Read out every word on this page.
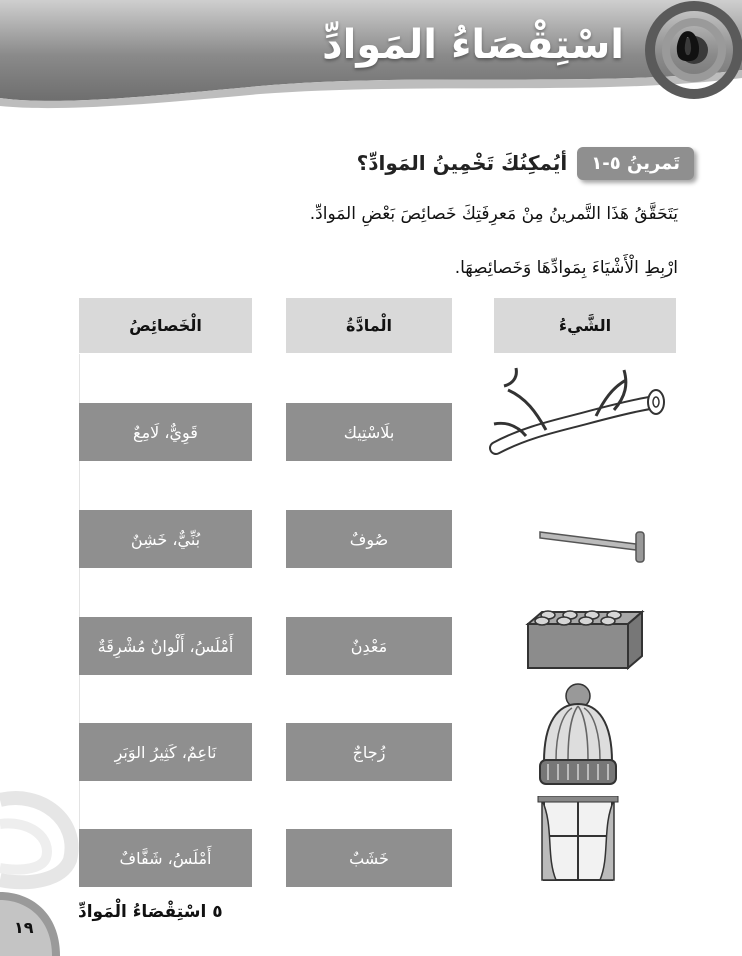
٥
اسْتِقْصَاءُ المَوادِّ
تَمرينُ ٥-١
أيُمكِنُكَ تَخْمِينُ المَوادِّ؟
يَتَحَقَّقُ هَذَا التَّمرينُ مِنْ مَعرِفَتِكَ خَصائِصَ بَعْضِ المَوادِّ.
ارْبِطِ الْأَشْيَاءَ بِمَوادِّهَا وَخَصائِصِهَا.
الشَّيءُ
الْمادَّةُ
الْخَصائِصُ
بلَاسْتِيك
صُوفٌ
مَعْدِنٌ
زُجاجٌ
خَشَبٌ
قَوِيٌّ، لَامِعٌ
بُنِّيٌّ، خَشِنٌ
أَمْلَسُ، أَلْوانٌ مُشْرِقَةٌ
نَاعِمٌ، كَثِيرُ الوَبَرِ
أَمْلَسُ، شَفَّافٌ
٥ اسْتِقْصَاءُ الْمَوادِّ
١٩
